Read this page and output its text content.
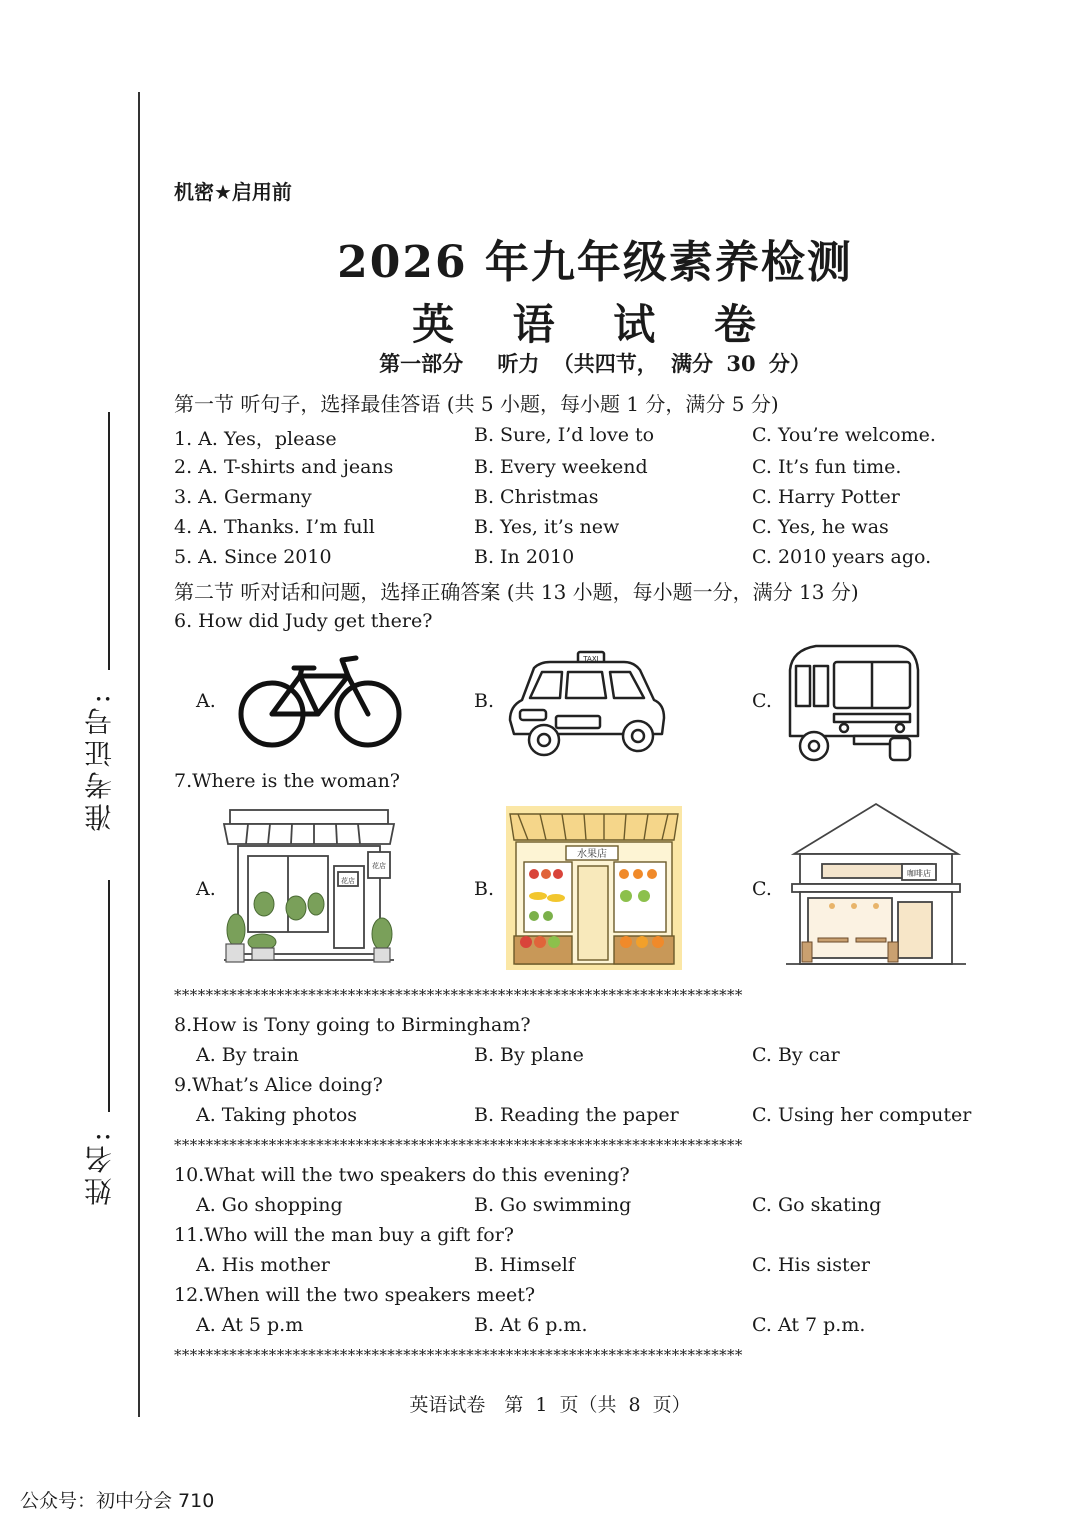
准考证号:
姓名:
机密★启用前
2026 年九年级素养检测
英 语 试 卷
第一部分　 听力 （共四节， 满分 30 分）
第一节 听句子，选择最佳答语 (共 5 小题，每小题 1 分，满分 5 分)
1. A. Yes，please	B. Sure, I’d love to	C. You’re welcome.
2. A. T-shirts and jeans	B. Every weekend	C. It’s fun time.
3. A. Germany	B. Christmas	C. Harry Potter
4. A. Thanks. I’m full	B. Yes, it’s new	C. Yes, he was
5. A. Since 2010	B. In 2010	C. 2010 years ago.
第二节 听对话和问题，选择正确答案 (共 13 小题，每小题一分，满分 13 分)
6. How did Judy get there?
A.	B.	C.
TAXI
7.Where is the woman?
A.	B.	C.
花店
花店
水果店
咖啡店
************************************************************************
8.How is Tony going to Birmingham?
A. By train	B. By plane	C. By car
9.What’s Alice doing?
A. Taking photos	B. Reading the paper	C. Using her computer
************************************************************************
10.What will the two speakers do this evening?
A. Go shopping	B. Go swimming	C. Go skating
11.Who will the man buy a gift for?
A. His mother	B. Himself	C. His sister
12.When will the two speakers meet?
A. At 5 p.m	B. At 6 p.m.	C. At 7 p.m.
************************************************************************
英语试卷　第 1 页（共 8 页）
公众号：初中分会 710
